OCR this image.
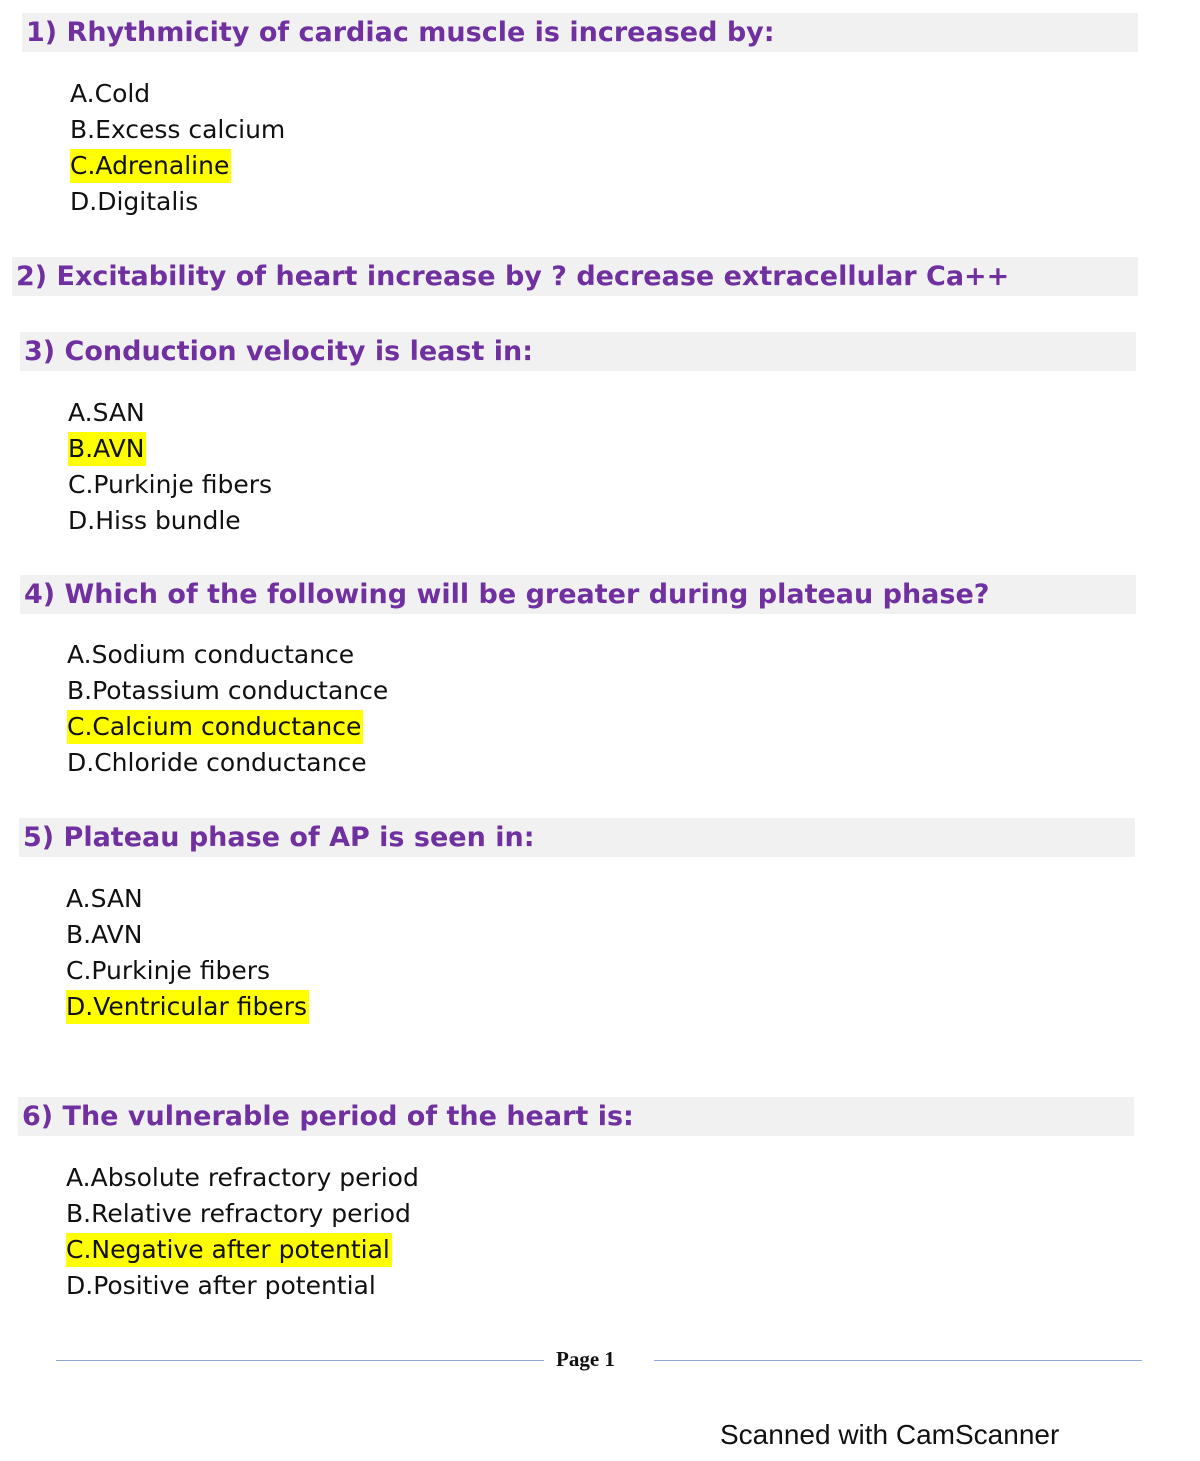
1) Rhythmicity of cardiac muscle is increased by:
A.Cold
B.Excess calcium
C.Adrenaline
D.Digitalis
2) Excitability of heart increase by ? decrease extracellular Ca++
3) Conduction velocity is least in:
A.SAN
B.AVN
C.Purkinje fibers
D.Hiss bundle
4) Which of the following will be greater during plateau phase?
A.Sodium conductance
B.Potassium conductance
C.Calcium conductance
D.Chloride conductance
5) Plateau phase of AP is seen in:
A.SAN
B.AVN
C.Purkinje fibers
D.Ventricular fibers
6) The vulnerable period of the heart is:
A.Absolute refractory period
B.Relative refractory period
C.Negative after potential
D.Positive after potential
Page 1
Scanned with CamScanner
